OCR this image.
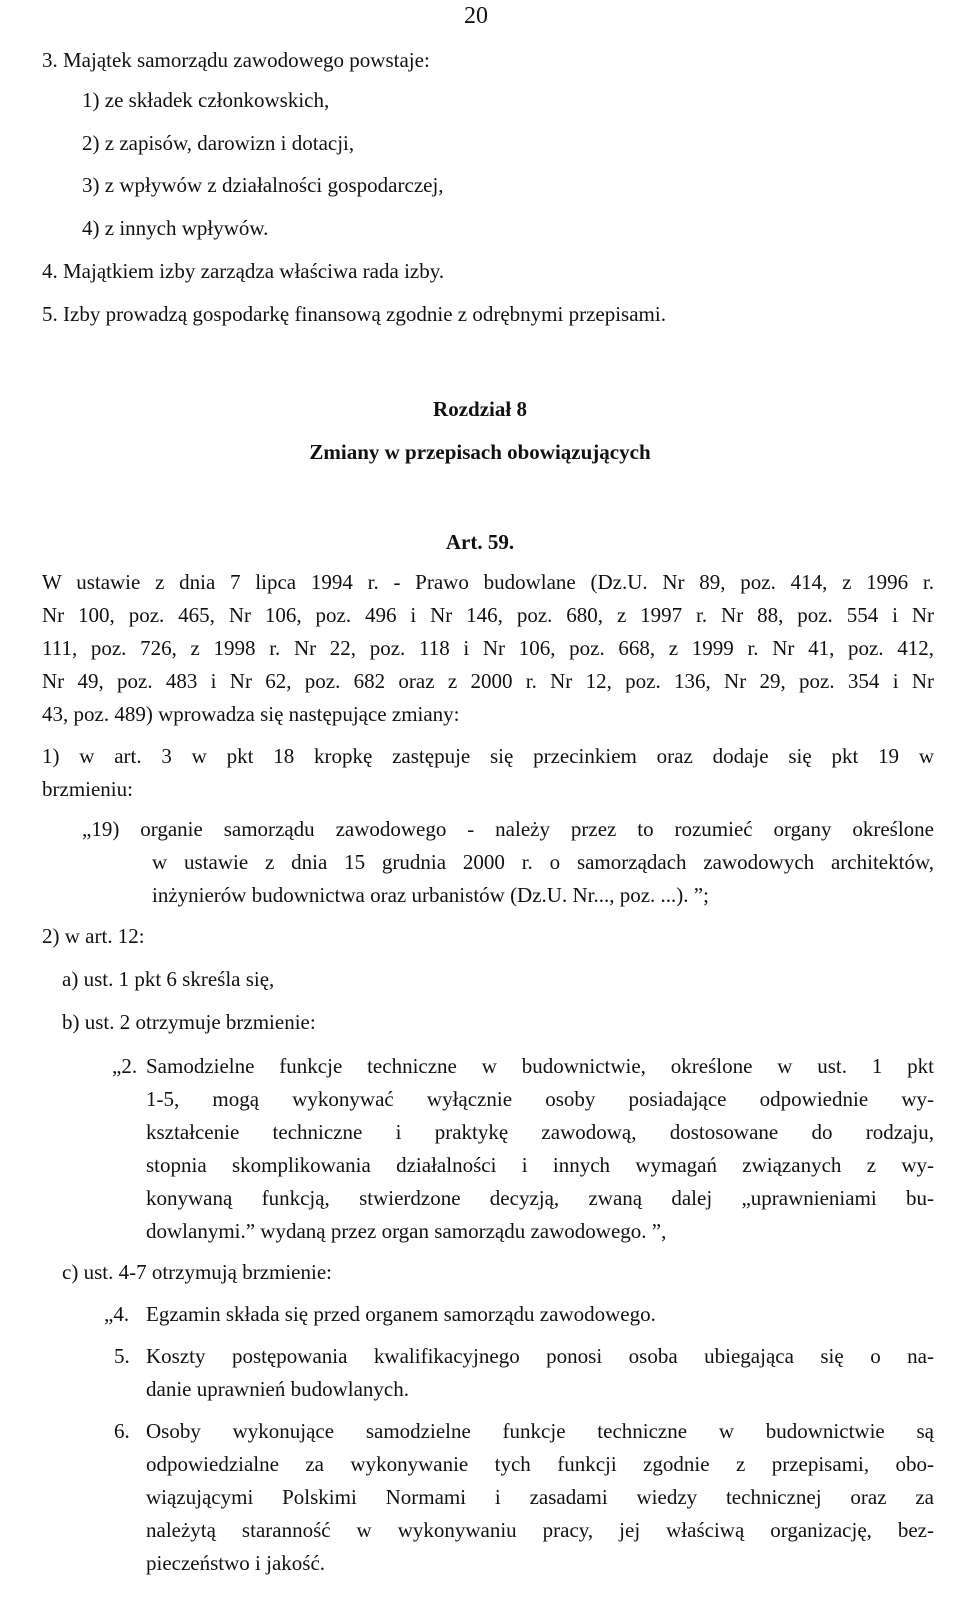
20
3. Majątek samorządu zawodowego powstaje:
1) ze składek członkowskich,
2) z zapisów, darowizn i dotacji,
3) z wpływów z działalności gospodarczej,
4) z innych wpływów.
4. Majątkiem izby zarządza właściwa rada izby.
5. Izby prowadzą gospodarkę finansową zgodnie z odrębnymi przepisami.
Rozdział 8
Zmiany w przepisach obowiązujących
Art. 59.
W ustawie z dnia 7 lipca 1994 r. - Prawo budowlane (Dz.U. Nr 89, poz. 414, z 1996 r.
Nr 100, poz. 465, Nr 106, poz. 496 i Nr 146, poz. 680, z 1997 r. Nr 88, poz. 554 i Nr
111, poz. 726, z 1998 r. Nr 22, poz. 118 i Nr 106, poz. 668, z 1999 r. Nr 41, poz. 412,
Nr 49, poz. 483 i Nr 62, poz. 682 oraz z 2000 r. Nr 12, poz. 136, Nr 29, poz. 354 i Nr
43, poz. 489) wprowadza się następujące zmiany:
1) w art. 3 w pkt 18 kropkę zastępuje się przecinkiem oraz dodaje się pkt 19 w
brzmieniu:
„19) organie samorządu zawodowego - należy przez to rozumieć organy określone
w ustawie z dnia 15 grudnia 2000 r. o samorządach zawodowych architektów,
inżynierów budownictwa oraz urbanistów (Dz.U. Nr..., poz. ...). ”;
2) w art. 12:
a) ust. 1 pkt 6 skreśla się,
b) ust. 2 otrzymuje brzmienie:
„2. Samodzielne funkcje techniczne w budownictwie, określone w ust. 1 pkt
1-5, mogą wykonywać wyłącznie osoby posiadające odpowiednie wy-
kształcenie techniczne i praktykę zawodową, dostosowane do rodzaju,
stopnia skomplikowania działalności i innych wymagań związanych z wy-
konywaną funkcją, stwierdzone decyzją, zwaną dalej „uprawnieniami bu-
dowlanymi.” wydaną przez organ samorządu zawodowego. ”,
c) ust. 4-7 otrzymują brzmienie:
„4. Egzamin składa się przed organem samorządu zawodowego.
5. Koszty postępowania kwalifikacyjnego ponosi osoba ubiegająca się o na-
danie uprawnień budowlanych.
6. Osoby wykonujące samodzielne funkcje techniczne w budownictwie są
odpowiedzialne za wykonywanie tych funkcji zgodnie z przepisami, obo-
wiązującymi Polskimi Normami i zasadami wiedzy technicznej oraz za
należytą staranność w wykonywaniu pracy, jej właściwą organizację, bez-
pieczeństwo i jakość.
